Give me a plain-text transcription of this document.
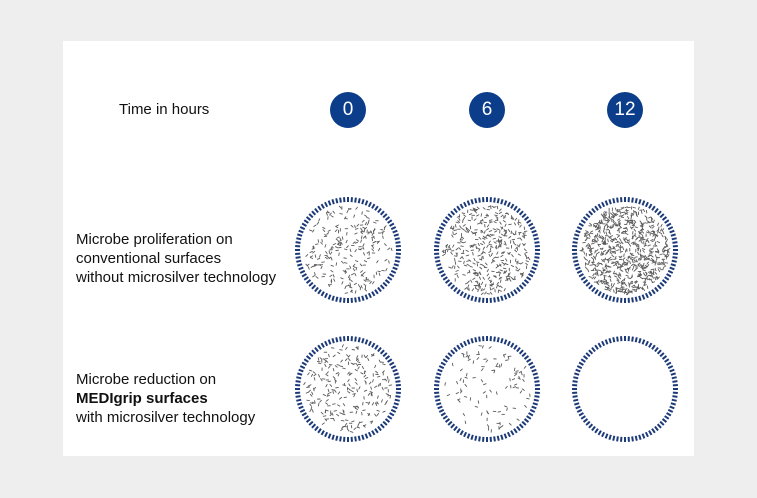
Time in hours	0	6	12
Microbe proliferation on
conventional surfaces
without microsilver technology
Microbe reduction on
MEDIgrip surfaces
with microsilver technology
